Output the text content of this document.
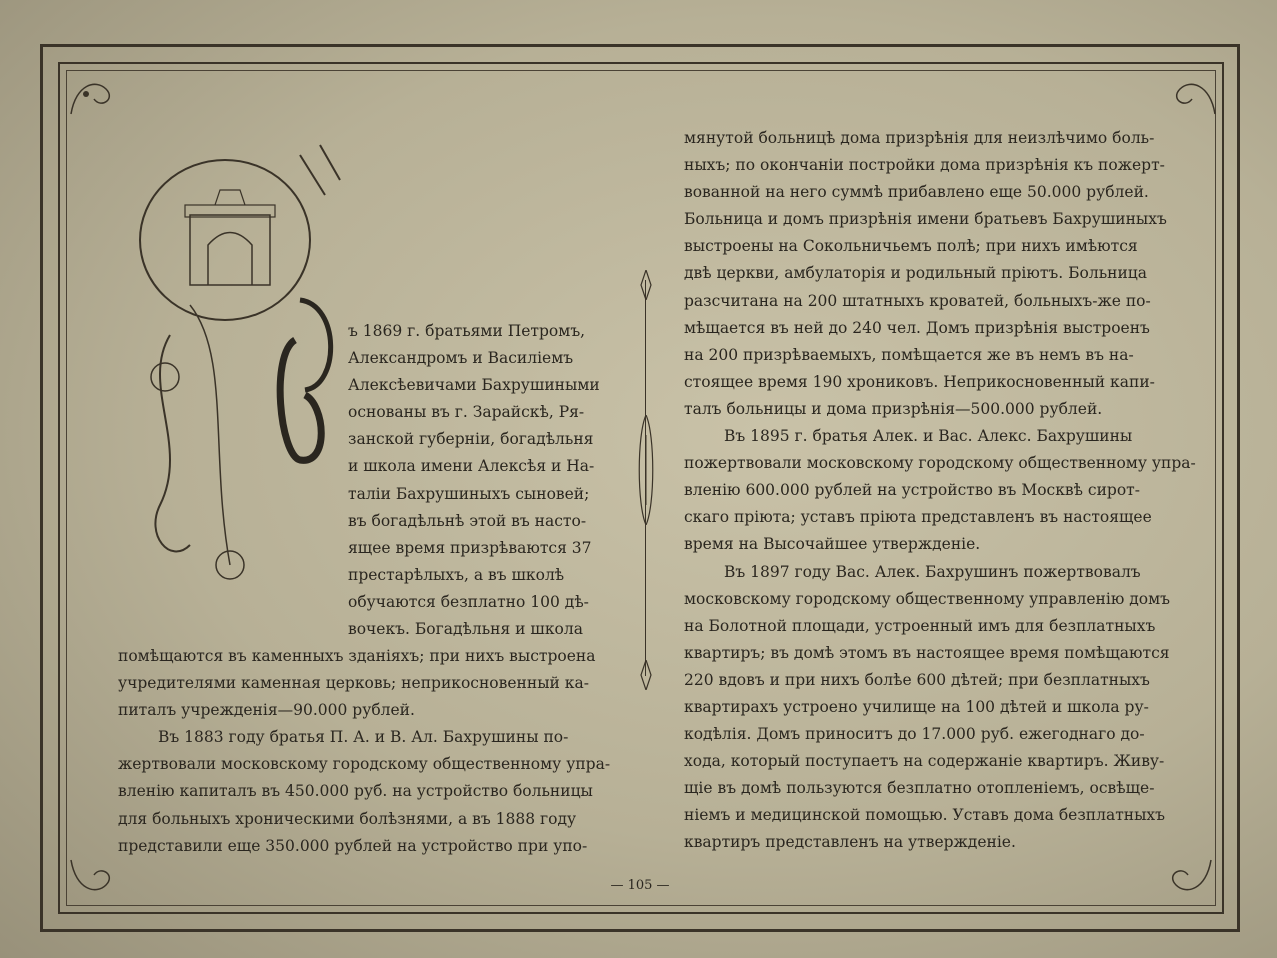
ъ 1869 г. братьями Петромъ,
Александромъ и Василіемъ
Алексѣевичами Бахрушиными
основаны въ г. Зарайскѣ, Ря-
занской губерніи, богадѣльня
и школа имени Алексѣя и На-
таліи Бахрушиныхъ сыновей;
въ богадѣльнѣ этой въ насто-
ящее время призрѣваются 37
престарѣлыхъ, а въ школѣ
обучаются безплатно 100 дѣ-
вочекъ. Богадѣльня и школа
помѣщаются въ каменныхъ зданіяхъ; при нихъ выстроена
учредителями каменная церковь; неприкосновенный ка-
питалъ учрежденія—90.000 рублей.
Въ 1883 году братья П. А. и В. Ал. Бахрушины по-
жертвовали московскому городскому общественному упра-
вленію капиталъ въ 450.000 руб. на устройство больницы
для больныхъ хроническими болѣзнями, а въ 1888 году
представили еще 350.000 рублей на устройство при упо-
мянутой больницѣ дома призрѣнія для неизлѣчимо боль-
ныхъ; по окончаніи постройки дома призрѣнія къ пожерт-
вованной на него суммѣ прибавлено еще 50.000 рублей.
Больница и домъ призрѣнія имени братьевъ Бахрушиныхъ
выстроены на Сокольничьемъ полѣ; при нихъ имѣются
двѣ церкви, амбулаторія и родильный пріютъ. Больница
разсчитана на 200 штатныхъ кроватей, больныхъ-же по-
мѣщается въ ней до 240 чел. Домъ призрѣнія выстроенъ
на 200 призрѣваемыхъ, помѣщается же въ немъ въ на-
стоящее время 190 хрониковъ. Неприкосновенный капи-
талъ больницы и дома призрѣнія—500.000 рублей.
Въ 1895 г. братья Алек. и Вас. Алекс. Бахрушины
пожертвовали московскому городскому общественному упра-
вленію 600.000 рублей на устройство въ Москвѣ сирот-
скаго пріюта; уставъ пріюта представленъ въ настоящее
время на Высочайшее утвержденіе.
Въ 1897 году Вас. Алек. Бахрушинъ пожертвовалъ
московскому городскому общественному управленію домъ
на Болотной площади, устроенный имъ для безплатныхъ
квартиръ; въ домѣ этомъ въ настоящее время помѣщаются
220 вдовъ и при нихъ болѣе 600 дѣтей; при безплатныхъ
квартирахъ устроено училище на 100 дѣтей и школа ру-
кодѣлія. Домъ приноситъ до 17.000 руб. ежегоднаго до-
хода, который поступаетъ на содержаніе квартиръ. Живу-
щіе въ домѣ пользуются безплатно отопленіемъ, освѣще-
ніемъ и медицинской помощью. Уставъ дома безплатныхъ
квартиръ представленъ на утвержденіе.
— 105 —
